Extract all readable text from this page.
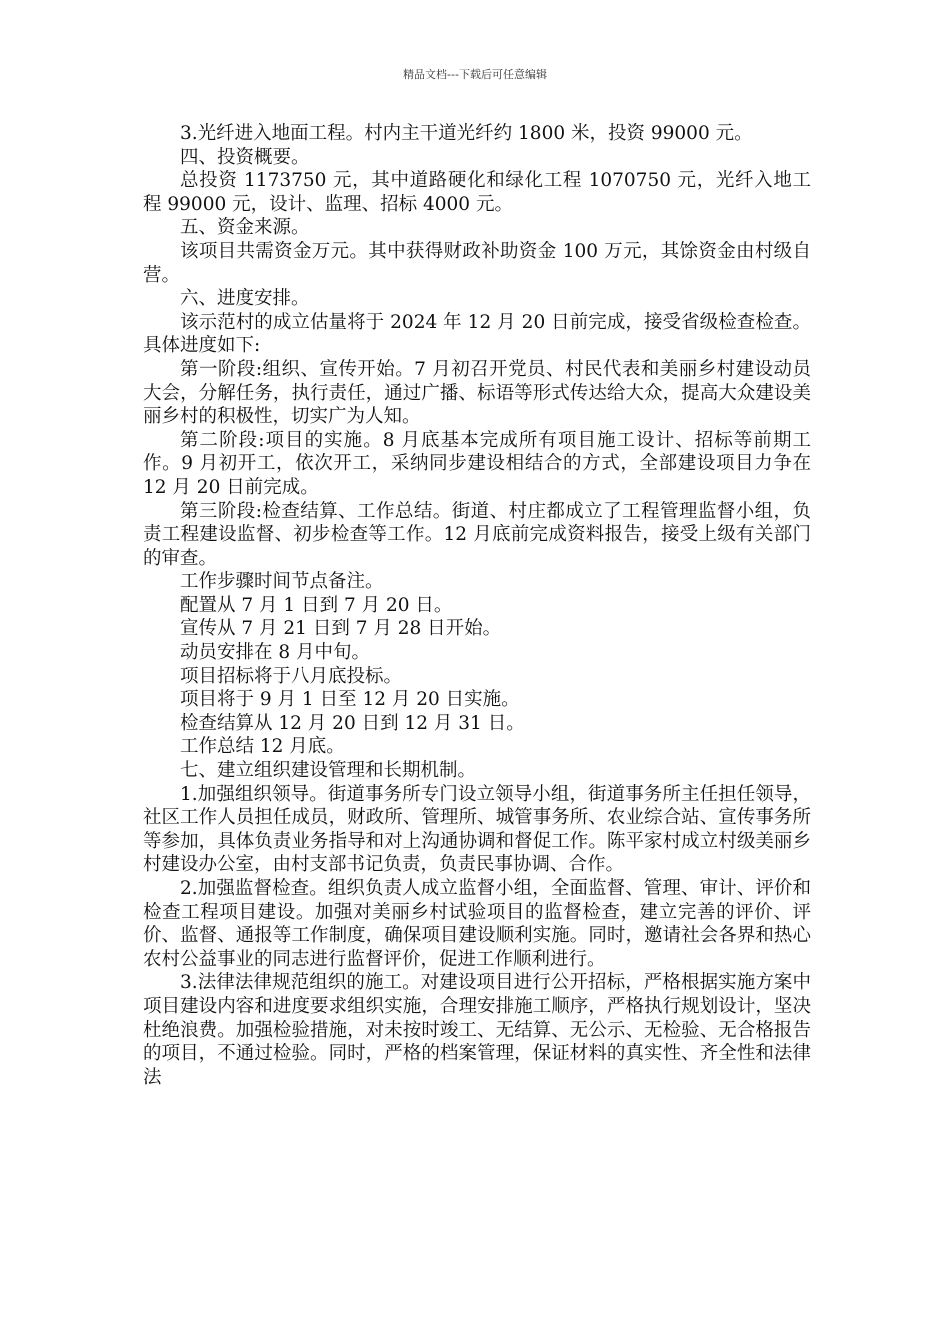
精品文档---下载后可任意编辑

3.光纤进入地面工程。村内主干道光纤约 1800 米，投资 99000 元。

四、投资概要。

总投资 1173750 元，其中道路硬化和绿化工程 1070750 元，光纤入地工程 99000 元，设计、监理、招标 4000 元。

五、资金来源。

该项目共需资金万元。其中获得财政补助资金 100 万元，其馀资金由村级自营。

六、进度安排。

该示范村的成立估量将于 2024 年 12 月 20 日前完成，接受省级检查检查。具体进度如下:

第一阶段:组织、宣传开始。7 月初召开党员、村民代表和美丽乡村建设动员大会，分解任务，执行责任，通过广播、标语等形式传达给大众，提高大众建设美丽乡村的积极性，切实广为人知。

第二阶段:项目的实施。8 月底基本完成所有项目施工设计、招标等前期工作。9 月初开工，依次开工，采纳同步建设相结合的方式，全部建设项目力争在 12 月 20 日前完成。

第三阶段:检查结算、工作总结。街道、村庄都成立了工程管理监督小组，负责工程建设监督、初步检查等工作。12 月底前完成资料报告，接受上级有关部门的审查。

工作步骤时间节点备注。

配置从 7 月 1 日到 7 月 20 日。

宣传从 7 月 21 日到 7 月 28 日开始。

动员安排在 8 月中旬。

项目招标将于八月底投标。

项目将于 9 月 1 日至 12 月 20 日实施。

检查结算从 12 月 20 日到 12 月 31 日。

工作总结 12 月底。

七、建立组织建设管理和长期机制。

1.加强组织领导。街道事务所专门设立领导小组，街道事务所主任担任领导，社区工作人员担任成员，财政所、管理所、城管事务所、农业综合站、宣传事务所等参加，具体负责业务指导和对上沟通协调和督促工作。陈平家村成立村级美丽乡村建设办公室，由村支部书记负责，负责民事协调、合作。

2.加强监督检查。组织负责人成立监督小组，全面监督、管理、审计、评价和检查工程项目建设。加强对美丽乡村试验项目的监督检查，建立完善的评价、评价、监督、通报等工作制度，确保项目建设顺利实施。同时，邀请社会各界和热心农村公益事业的同志进行监督评价，促进工作顺利进行。

3.法律法律规范组织的施工。对建设项目进行公开招标，严格根据实施方案中项目建设内容和进度要求组织实施，合理安排施工顺序，严格执行规划设计，坚决杜绝浪费。加强检验措施，对未按时竣工、无结算、无公示、无检验、无合格报告的项目，不通过检验。同时，严格的档案管理，保证材料的真实性、齐全性和法律法
